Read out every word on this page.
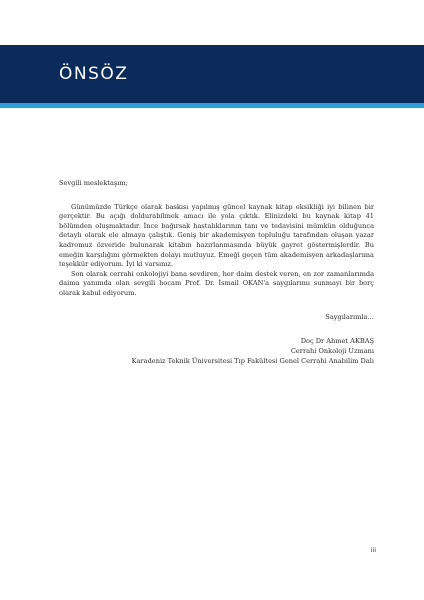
ÖNSÖZ

Sevgili meslektaşım;

Günümüzde Türkçe olarak baskısı yapılmış güncel kaynak kitap eksikliği iyi bilinen bir gerçektir. Bu açığı doldurabilmek amacı ile yola çıktık. Elinizdeki bu kaynak kitap 41 bölümden oluşmaktadır. İnce bağırsak hastalıklarının tanı ve tedavisini mümkün olduğunca detaylı olarak ele almaya çalıştık. Geniş bir akademisyen topluluğu tarafından oluşan yazar kadromuz özveride bulunarak kitabın hazırlanmasında büyük gayret göstermişlerdir. Bu emeğin karşılığını görmekten dolayı mutluyuz. Emeği geçen tüm akademisyen arkadaşlarıma teşekkür ediyorum. İyi ki varsınız.

Son olarak cerrahi onkolojiyi bana sevdiren, her daim destek veren, en zor zamanlarımda daima yanımda olan sevgili hocam Prof. Dr. İsmail OKAN'a saygılarımı sunmayı bir borç olarak kabul ediyorum.

Saygılarımla…
Doç Dr Ahmet AKBAŞ
Cerrahi Onkoloji Uzmanı
Karadeniz Teknik Üniversitesi Tıp Fakültesi Genel Cerrahi Anabilim Dalı
iii
